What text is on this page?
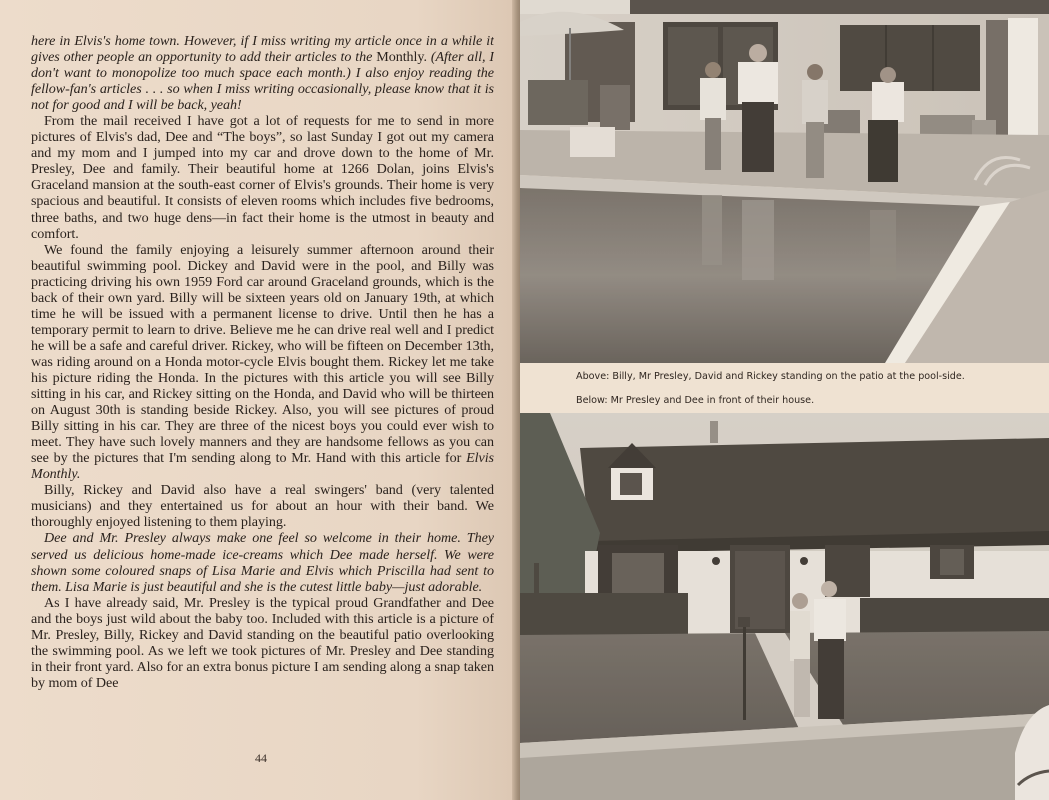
here in Elvis's home town. However, if I miss writing my article once in a while it gives other people an opportunity to add their articles to the Monthly. (After all, I don't want to monopolize too much space each month.) I also enjoy reading the fellow-fan's articles . . . so when I miss writing occasionally, please know that it is not for good and I will be back, yeah!

From the mail received I have got a lot of requests for me to send in more pictures of Elvis's dad, Dee and “The boys”, so last Sunday I got out my camera and my mom and I jumped into my car and drove down to the home of Mr. Presley, Dee and family. Their beautiful home at 1266 Dolan, joins Elvis's Graceland mansion at the south-east corner of Elvis's grounds. Their home is very spacious and beautiful. It consists of eleven rooms which includes five bedrooms, three baths, and two huge dens—in fact their home is the utmost in beauty and comfort.

We found the family enjoying a leisurely summer afternoon around their beautiful swimming pool. Dickey and David were in the pool, and Billy was practicing driving his own 1959 Ford car around Graceland grounds, which is the back of their own yard. Billy will be sixteen years old on January 19th, at which time he will be issued with a permanent license to drive. Until then he has a temporary permit to learn to drive. Believe me he can drive real well and I predict he will be a safe and careful driver. Rickey, who will be fifteen on December 13th, was riding around on a Honda motor-cycle Elvis bought them. Rickey let me take his picture riding the Honda. In the pictures with this article you will see Billy sitting in his car, and Rickey sitting on the Honda, and David who will be thirteen on August 30th is standing beside Rickey. Also, you will see pictures of proud Billy sitting in his car. They are three of the nicest boys you could ever wish to meet. They have such lovely manners and they are handsome fellows as you can see by the pictures that I'm sending along to Mr. Hand with this article for Elvis Monthly.

Billy, Rickey and David also have a real swingers' band (very talented musicians) and they entertained us for about an hour with their band. We thoroughly enjoyed listening to them playing.

Dee and Mr. Presley always make one feel so welcome in their home. They served us delicious home-made ice-creams which Dee made herself. We were shown some coloured snaps of Lisa Marie and Elvis which Priscilla had sent to them. Lisa Marie is just beautiful and she is the cutest little baby—just adorable.

As I have already said, Mr. Presley is the typical proud Grandfather and Dee and the boys just wild about the baby too. Included with this article is a picture of Mr. Presley, Billy, Rickey and David standing on the beautiful patio overlooking the swimming pool. As we left we took pictures of Mr. Presley and Dee standing in their front yard. Also for an extra bonus picture I am sending along a snap taken by mom of Dee

44
Above: Billy, Mr Presley, David and Rickey standing on the patio at the pool-side.
Below: Mr Presley and Dee in front of their house.
